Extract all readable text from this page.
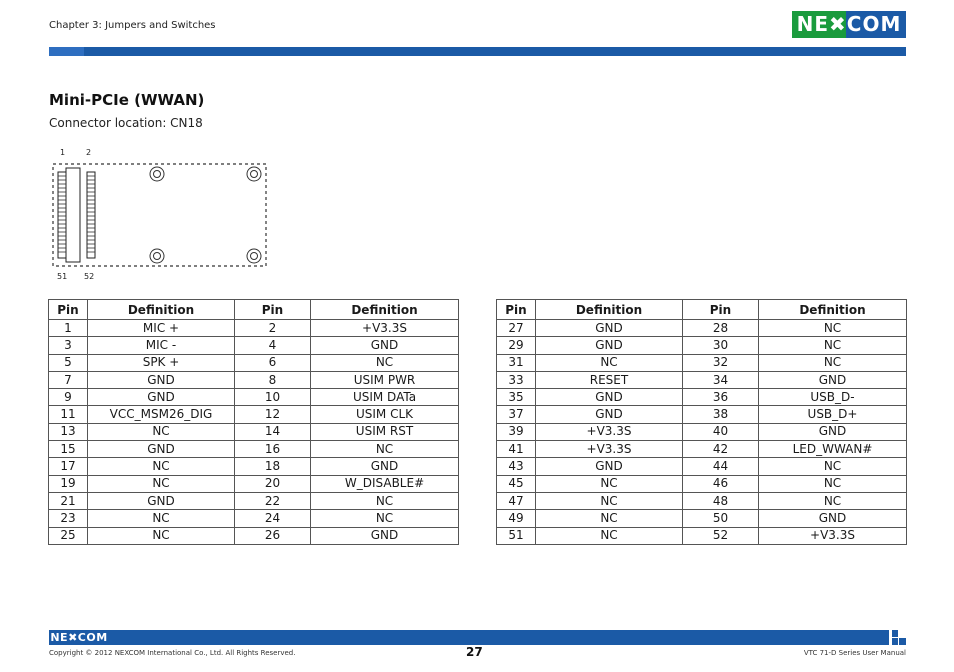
Chapter 3: Jumpers and Switches	NE✖COM
Mini-PCIe (WWAN)
Connector location: CN18
1	2
51 52
Pin	Definition	Pin	Definition
1	MIC +	2	+V3.3S
3	MIC -	4	GND
5	SPK +	6	NC
7	GND	8	USIM PWR
9	GND	10	USIM DATa
11	VCC_MSM26_DIG	12	USIM CLK
13	NC	14	USIM RST
15	GND	16	NC
17	NC	18	GND
19	NC	20	W_DISABLE#
21	GND	22	NC
23	NC	24	NC
25	NC	26	GND
Pin	Definition	Pin	Definition
27	GND	28	NC
29	GND	30	NC
31	NC	32	NC
33	RESET	34	GND
35	GND	36	USB_D-
37	GND	38	USB_D+
39	+V3.3S	40	GND
41	+V3.3S	42	LED_WWAN#
43	GND	44	NC
45	NC	46	NC
47	NC	48	NC
49	NC	50	GND
51	NC	52	+V3.3S
NE✖COM
Copyright © 2012 NEXCOM International Co., Ltd. All Rights Reserved.	27	VTC 71-D Series User Manual
